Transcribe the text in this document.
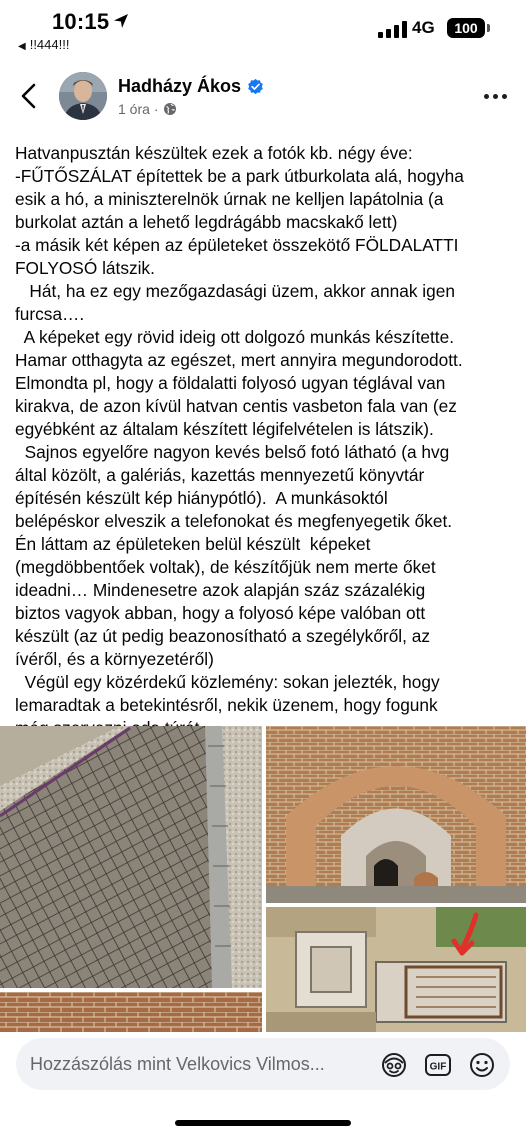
10:15
◀ !!444!!!
4G 100
Hadházy Ákos
1 óra ·
Hatvanpusztán készültek ezek a fotók kb. négy éve:
-FŰTŐSZÁLAT építettek be a park útburkolata alá, hogyha
esik a hó, a miniszterelnök úrnak ne kelljen lapátolnia (a
burkolat aztán a lehető legdrágább macskakő lett)
-a másik két képen az épületeket összekötő FÖLDALATTI
FOLYOSÓ látszik.
Hát, ha ez egy mezőgazdasági üzem, akkor annak igen
furcsa….
A képeket egy rövid ideig ott dolgozó munkás készítette.
Hamar otthagyta az egészet, mert annyira megundorodott.
Elmondta pl, hogy a földalatti folyosó ugyan téglával van
kirakva, de azon kívül hatvan centis vasbeton fala van (ez
egyébként az általam készített légifelvételen is látszik).
Sajnos egyelőre nagyon kevés belső fotó látható (a hvg
által közölt, a galériás, kazettás mennyezetű könyvtár
építésén készült kép hiánypótló).  A munkásoktól
belépéskor elveszik a telefonokat és megfenyegetik őket.
Én láttam az épületeken belül készült  képeket
(megdöbbentőek voltak), de készítőjük nem merte őket
ideadni… Mindenesetre azok alapján száz százalékig
biztos vagyok abban, hogy a folyosó képe valóban ott
készült (az út pedig beazonosítható a szegélykőről, az
ívéről, és a környezetéről)
Végül egy közérdekű közlemény: sokan jelezték, hogy
lemaradtak a betekintésről, nekik üzenem, hogy fogunk
Hozzászólás mint Velkovics Vilmos...	GIF
